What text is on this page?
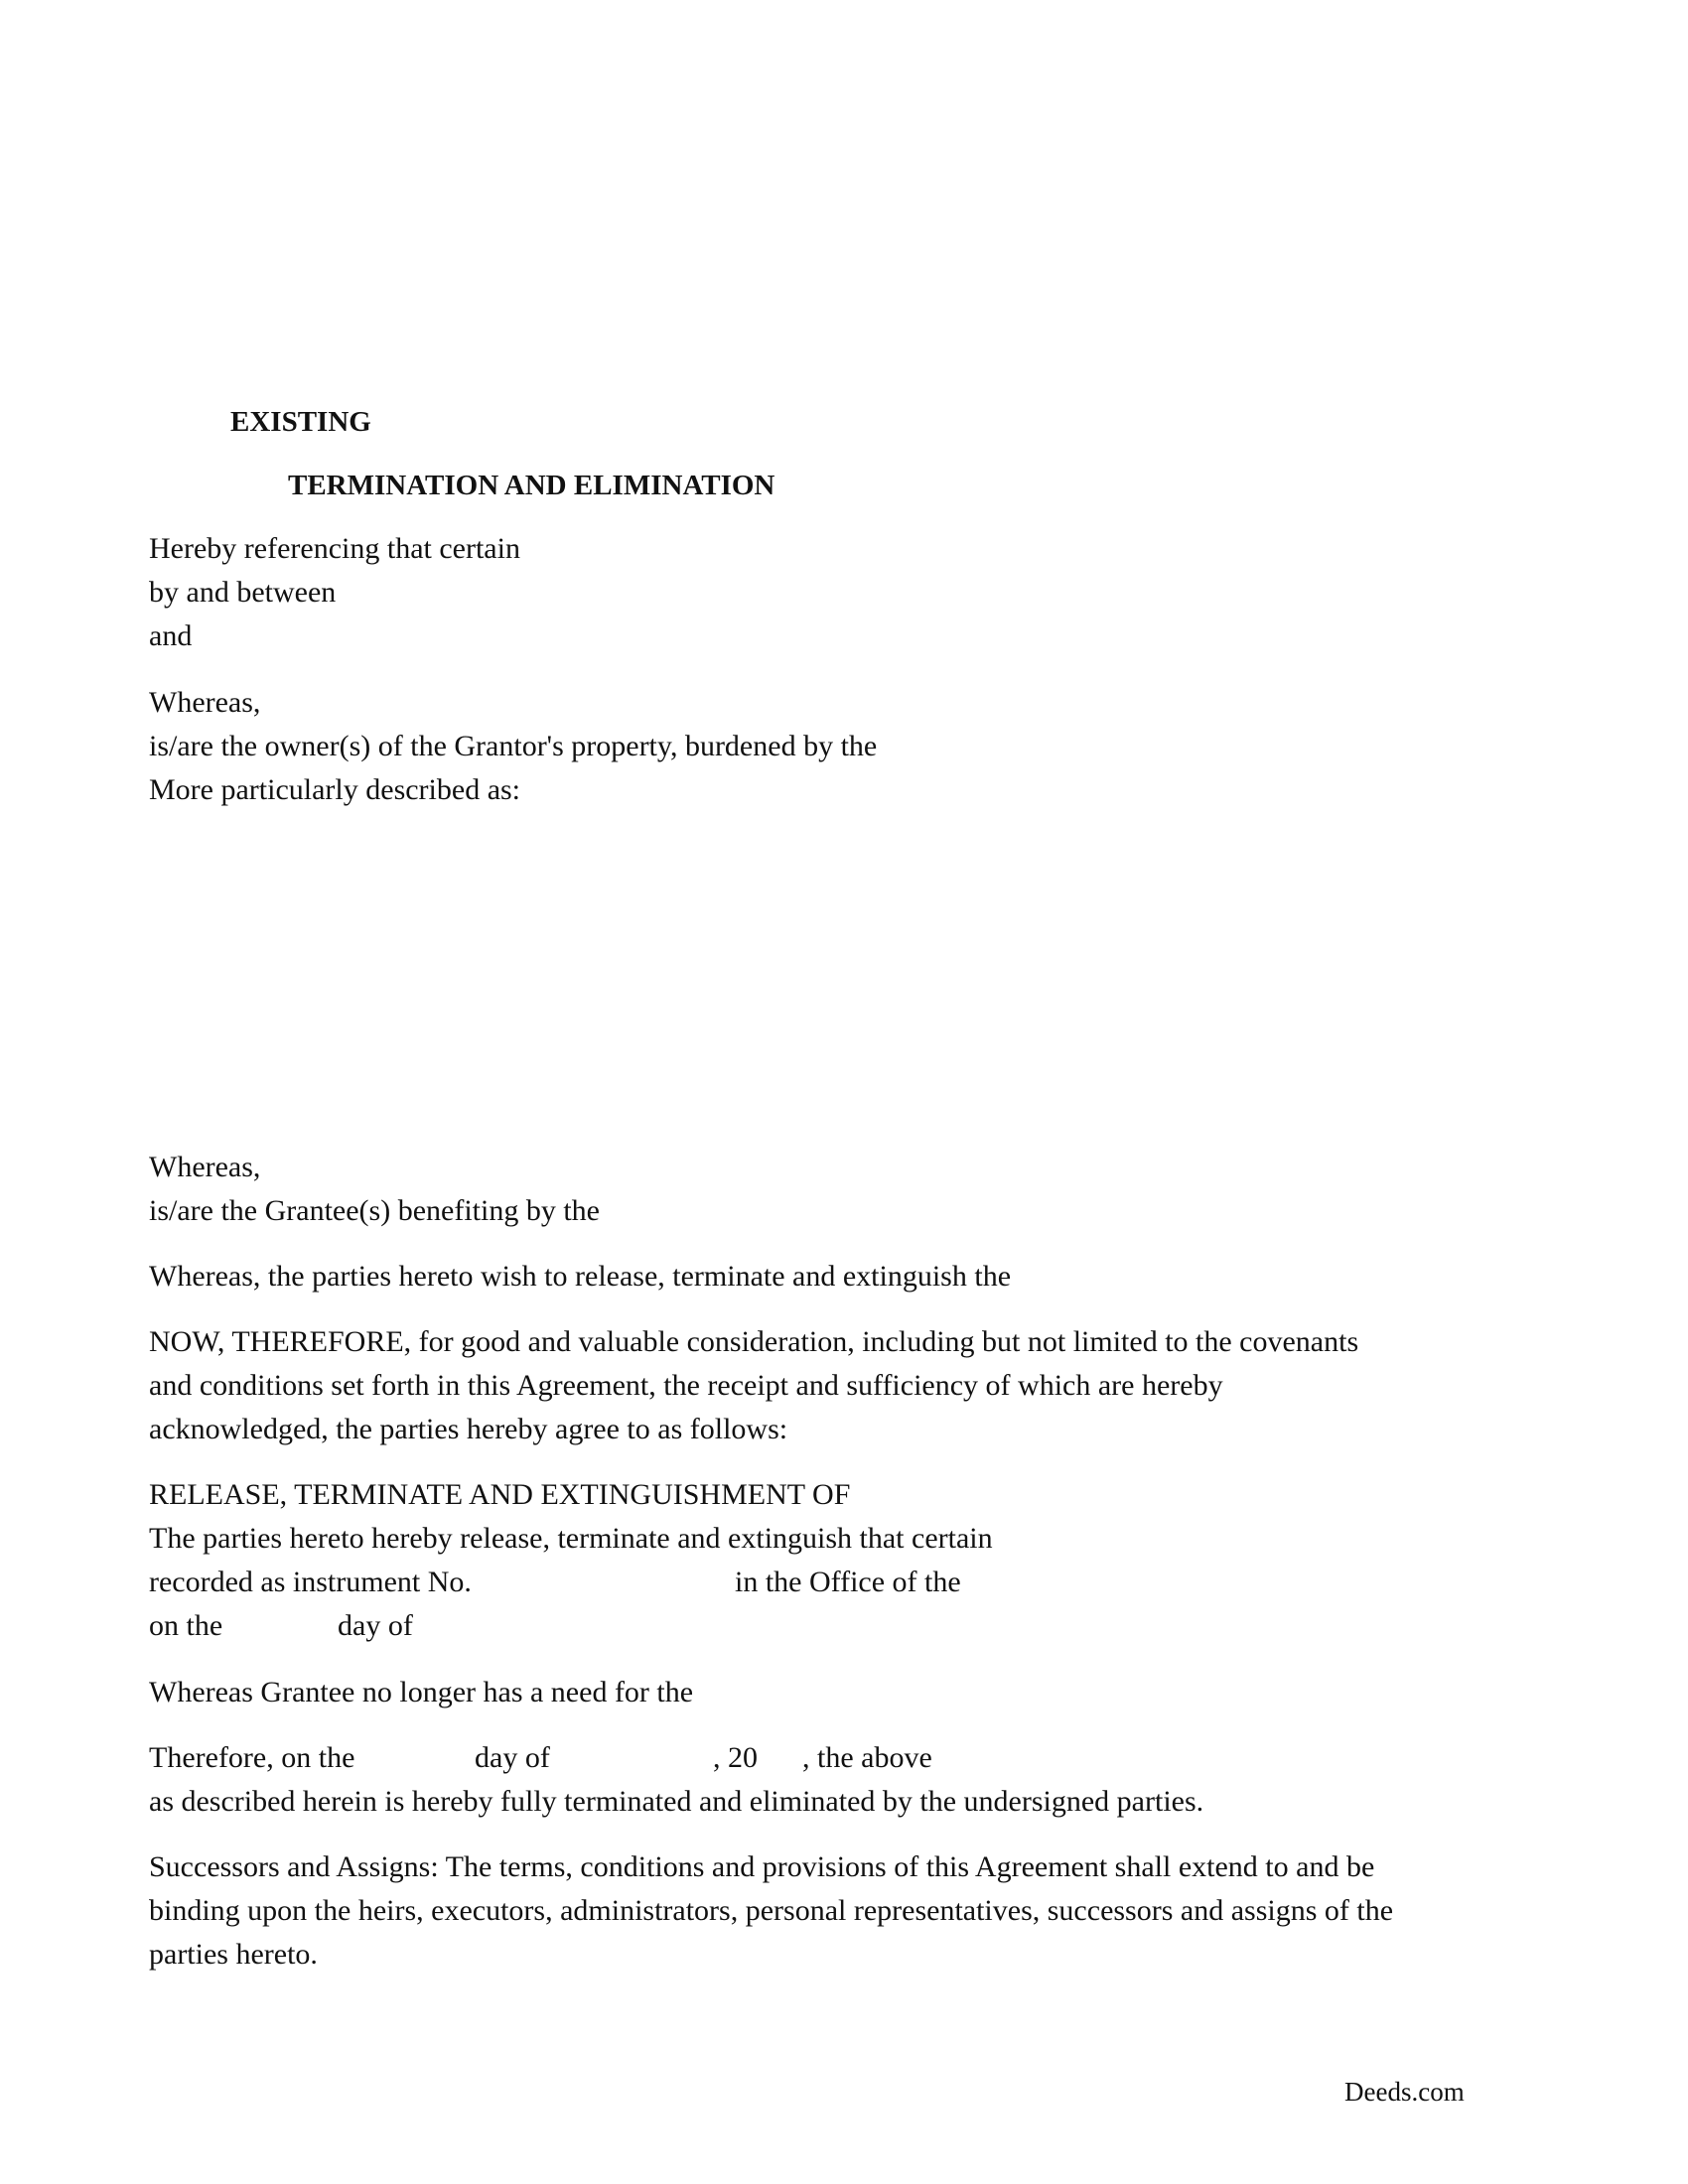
EXISTING
TERMINATION AND ELIMINATION
Hereby referencing that certain
by and between
and
Whereas,
is/are the owner(s) of the Grantor's property, burdened by the
More particularly described as:
Whereas,
is/are the Grantee(s) benefiting by the
Whereas, the parties hereto wish to release, terminate and extinguish the
NOW, THEREFORE, for good and valuable consideration, including but not limited to the covenants
and conditions set forth in this Agreement, the receipt and sufficiency of which are hereby
acknowledged, the parties hereby agree to as follows:
RELEASE, TERMINATE AND EXTINGUISHMENT OF
The parties hereto hereby release, terminate and extinguish that certain
recorded as instrument No.	in the Office of the
on the	day of
Whereas Grantee no longer has a need for the
Therefore, on the	day of	, 20 , the above
as described herein is hereby fully terminated and eliminated by the undersigned parties.
Successors and Assigns: The terms, conditions and provisions of this Agreement shall extend to and be
binding upon the heirs, executors, administrators, personal representatives, successors and assigns of the
parties hereto.
Deeds.com
